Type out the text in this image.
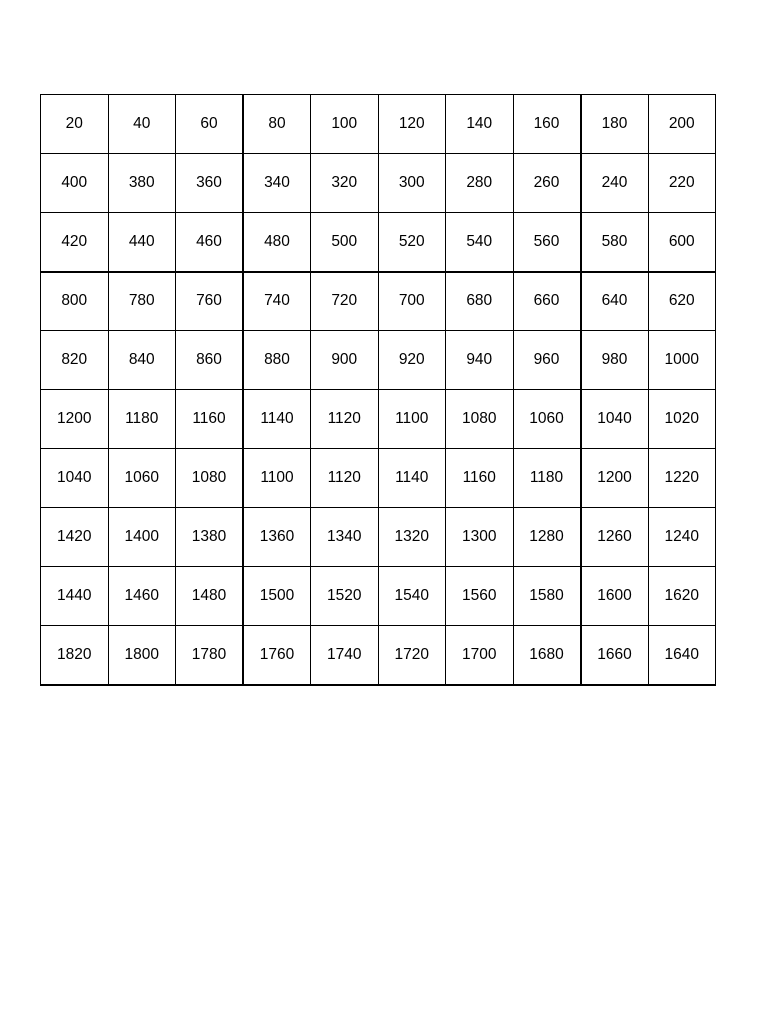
20	40	60	80	100	120	140	160	180	200
400	380	360	340	320	300	280	260	240	220
420	440	460	480	500	520	540	560	580	600
800	780	760	740	720	700	680	660	640	620
820	840	860	880	900	920	940	960	980	1000
1200	1180	1160	1140	1120	1100	1080	1060	1040	1020
1040	1060	1080	1100	1120	1140	1160	1180	1200	1220
1420	1400	1380	1360	1340	1320	1300	1280	1260	1240
1440	1460	1480	1500	1520	1540	1560	1580	1600	1620
1820	1800	1780	1760	1740	1720	1700	1680	1660	1640
